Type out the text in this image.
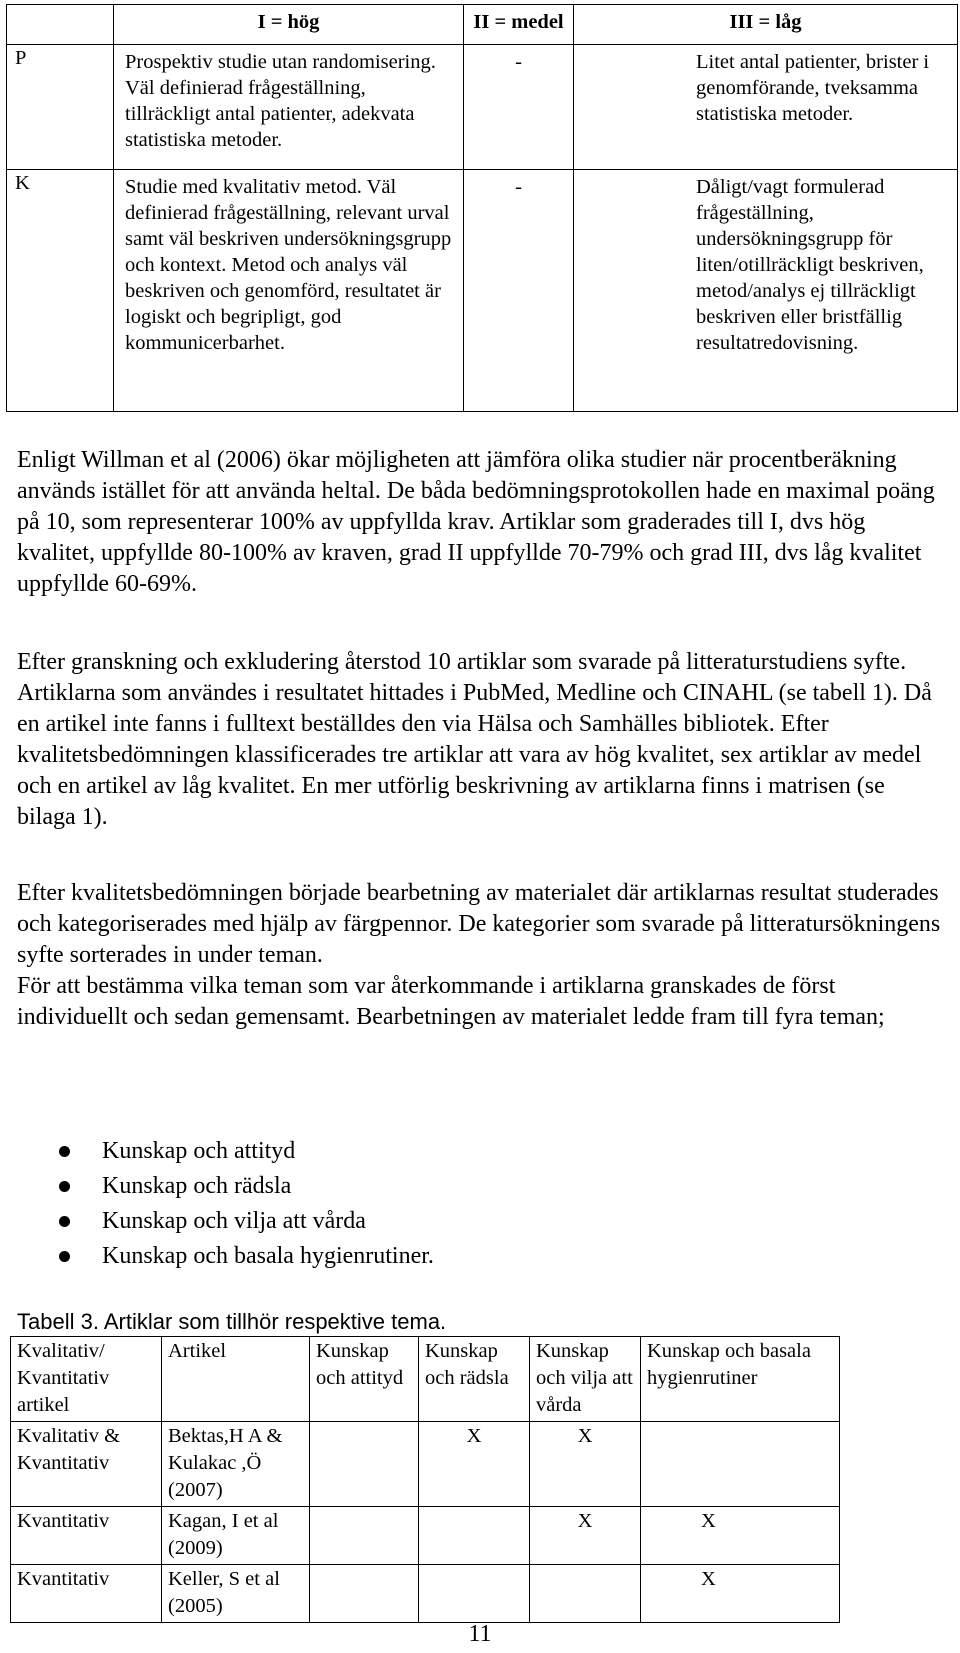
	I = hög	II = medel	III = låg
P	Prospektiv studie utan randomisering. Väl definierad frågeställning, tillräckligt antal patienter, adekvata statistiska metoder.	-	Litet antal patienter, brister i genomförande, tveksamma statistiska metoder.
K	Studie med kvalitativ metod. Väl definierad frågeställning, relevant urval samt väl beskriven undersökningsgrupp och kontext. Metod och analys väl beskriven och genomförd, resultatet är logiskt och begripligt, god kommunicerbarhet.	-	Dåligt/vagt formulerad frågeställning, undersökningsgrupp för liten/otillräckligt beskriven, metod/analys ej tillräckligt beskriven eller bristfällig resultatredovisning.

Enligt Willman et al (2006) ökar möjligheten att jämföra olika studier när procentberäkning används istället för att använda heltal. De båda bedömningsprotokollen hade en maximal poäng på 10, som representerar 100% av uppfyllda krav. Artiklar som graderades till I, dvs hög kvalitet, uppfyllde 80-100% av kraven, grad II uppfyllde 70-79% och grad III, dvs låg kvalitet uppfyllde 60-69%.

Efter granskning och exkludering återstod 10 artiklar som svarade på litteraturstudiens syfte. Artiklarna som användes i resultatet hittades i PubMed, Medline och CINAHL (se tabell 1). Då en artikel inte fanns i fulltext beställdes den via Hälsa och Samhälles bibliotek. Efter kvalitetsbedömningen klassificerades tre artiklar att vara av hög kvalitet, sex artiklar av medel och en artikel av låg kvalitet. En mer utförlig beskrivning av artiklarna finns i matrisen (se bilaga 1).

Efter kvalitetsbedömningen började bearbetning av materialet där artiklarnas resultat studerades och kategoriserades med hjälp av färgpennor. De kategorier som svarade på litteratursökningens syfte sorterades in under teman.
För att bestämma vilka teman som var återkommande i artiklarna granskades de först individuellt och sedan gemensamt. Bearbetningen av materialet ledde fram till fyra teman;
Kunskap och attityd
Kunskap och rädsla
Kunskap och vilja att vårda
Kunskap och basala hygienrutiner.

Tabell 3. Artiklar som tillhör respektive tema.

Kvalitativ/ Kvantitativ artikel	Artikel	Kunskap och attityd	Kunskap och rädsla	Kunskap och vilja att vårda	Kunskap och basala hygienrutiner
Kvalitativ & Kvantitativ	Bektas,H A & Kulakac ,Ö (2007)		X	X	
Kvantitativ	Kagan, I et al (2009)			X	X
Kvantitativ	Keller, S et al (2005)				X

11
